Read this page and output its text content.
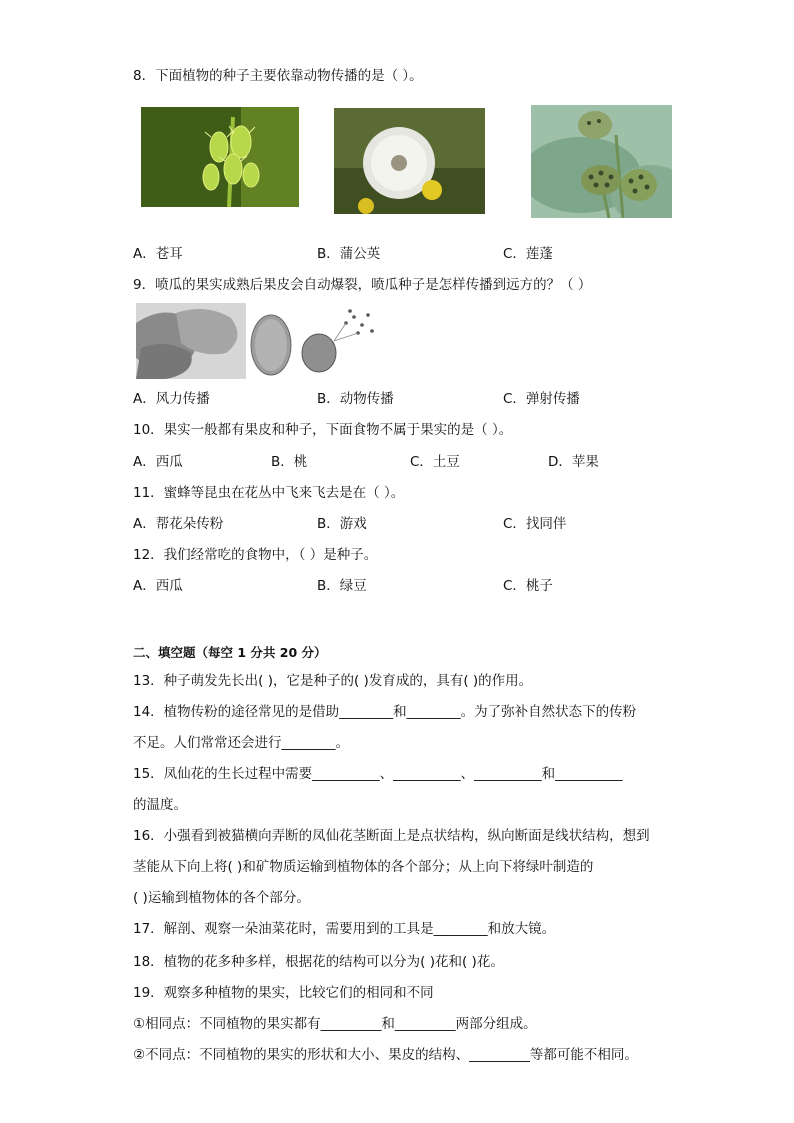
8．下面植物的种子主要依靠动物传播的是（ ）。
A．苍耳	B．蒲公英	C．莲蓬
9．喷瓜的果实成熟后果皮会自动爆裂，喷瓜种子是怎样传播到远方的？（ ）
A．风力传播	B．动物传播	C．弹射传播
10．果实一般都有果皮和种子，下面食物不属于果实的是（ ）。
A．西瓜	B．桃	C．土豆	D．苹果
11．蜜蜂等昆虫在花丛中飞来飞去是在（ ）。
A．帮花朵传粉	B．游戏	C．找同伴
12．我们经常吃的食物中，（ ）是种子。
A．西瓜	B．绿豆	C．桃子
二、填空题（每空 1 分共 20 分）
13．种子萌发先长出( )，它是种子的( )发育成的，具有( )的作用。
14．植物传粉的途径常见的是借助________和________。为了弥补自然状态下的传粉
不足。人们常常还会进行________。
15．凤仙花的生长过程中需要__________、__________、__________和__________
的温度。
16．小强看到被猫横向弄断的凤仙花茎断面上是点状结构，纵向断面是线状结构，想到
茎能从下向上将( )和矿物质运输到植物体的各个部分；从上向下将绿叶制造的
( )运输到植物体的各个部分。
17．解剖、观察一朵油菜花时，需要用到的工具是________和放大镜。
18．植物的花多种多样，根据花的结构可以分为( )花和( )花。
19．观察多种植物的果实，比较它们的相同和不同
①相同点：不同植物的果实都有_________和_________两部分组成。
②不同点：不同植物的果实的形状和大小、果皮的结构、_________等都可能不相同。
